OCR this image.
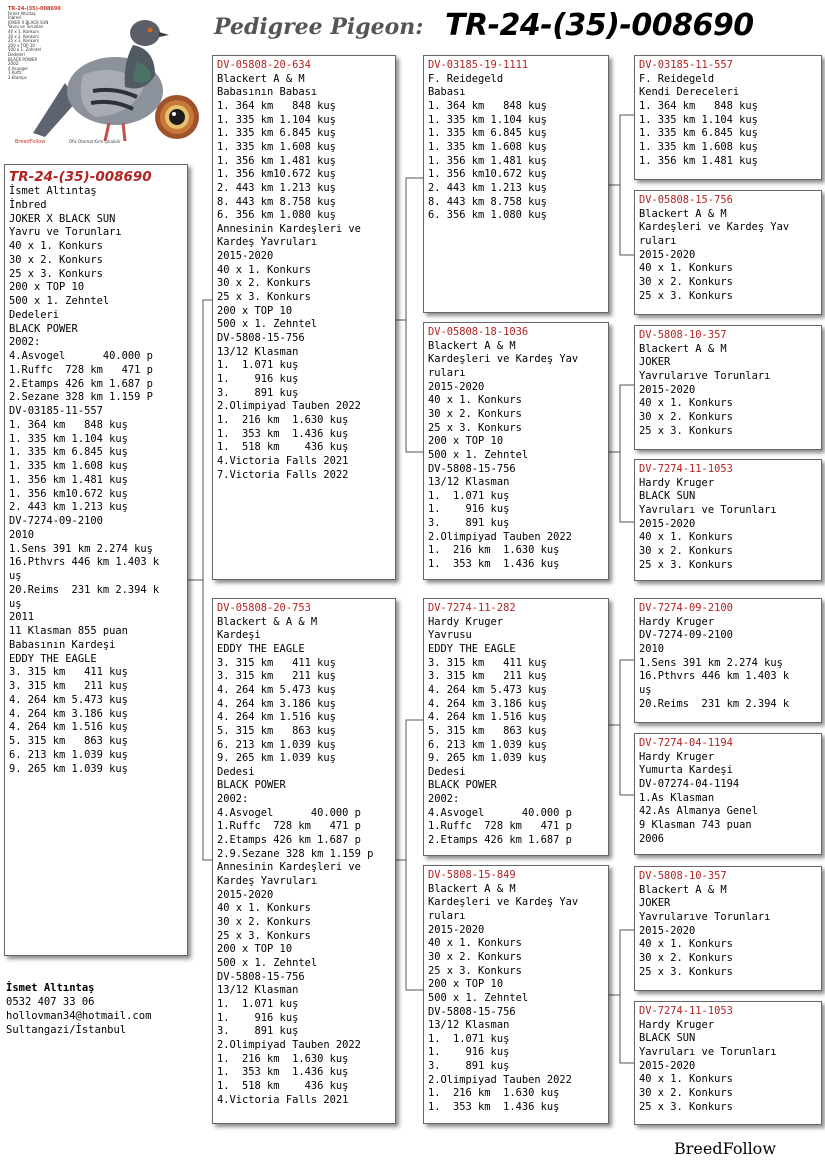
TR-24-(35)-008690
İsmet Altıntaş
İnbred
JOKER X BLACK SUN
Yavru ve Torunları
40 x 1. Konkurs
30 x 2. Konkurs
25 x 3. Konkurs
200 x TOP 10
500 x 1. Zehntel
Dedeleri
BLACK POWER
2002:
4.Asvogel
1.Ruffc
2.Etamps
BreedFollow	Ofis Otomat Kimi Çıkabilir
Pedigree Pigeon: TR-24-(35)-008690
TR-24-(35)-008690
İsmet Altıntaş
İnbred
JOKER X BLACK SUN
Yavru ve Torunları
40 x 1. Konkurs
30 x 2. Konkurs
25 x 3. Konkurs
200 x TOP 10
500 x 1. Zehntel
Dedeleri
BLACK POWER
2002:
4.Asvogel      40.000 p
1.Ruffc  728 km   471 p
2.Etamps 426 km 1.687 p
2.Sezane 328 km 1.159 P
DV-03185-11-557
1. 364 km   848 kuş
1. 335 km 1.104 kuş
1. 335 km 6.845 kuş
1. 335 km 1.608 kuş
1. 356 km 1.481 kuş
1. 356 km10.672 kuş
2. 443 km 1.213 kuş
DV-7274-09-2100
2010
1.Sens 391 km 2.274 kuş
16.Pthvrs 446 km 1.403 k
uş
20.Reims  231 km 2.394 k
uş
2011
11 Klasman 855 puan
Babasının Kardeşi
EDDY THE EAGLE
3. 315 km   411 kuş
3. 315 km   211 kuş
4. 264 km 5.473 kuş
4. 264 km 3.186 kuş
4. 264 km 1.516 kuş
5. 315 km   863 kuş
6. 213 km 1.039 kuş
9. 265 km 1.039 kuş
DV-05808-20-634
Blackert A & M
Babasının Babası
1. 364 km   848 kuş
1. 335 km 1.104 kuş
1. 335 km 6.845 kuş
1. 335 km 1.608 kuş
1. 356 km 1.481 kuş
1. 356 km10.672 kuş
2. 443 km 1.213 kuş
8. 443 km 8.758 kuş
6. 356 km 1.080 kuş
Annesinin Kardeşleri ve
Kardeş Yavruları
2015-2020
40 x 1. Konkurs
30 x 2. Konkurs
25 x 3. Konkurs
200 x TOP 10
500 x 1. Zehntel
DV-5808-15-756
13/12 Klasman
1.  1.071 kuş
1.    916 kuş
3.    891 kuş
2.Olimpiyad Tauben 2022
1.  216 km  1.630 kuş
1.  353 km  1.436 kuş
1.  518 km    436 kuş
4.Victoria Falls 2021
7.Victoria Falls 2022
DV-05808-20-753
Blackert & A & M
Kardeşi
EDDY THE EAGLE
3. 315 km   411 kuş
3. 315 km   211 kuş
4. 264 km 5.473 kuş
4. 264 km 3.186 kuş
4. 264 km 1.516 kuş
5. 315 km   863 kuş
6. 213 km 1.039 kuş
9. 265 km 1.039 kuş
Dedesi
BLACK POWER
2002:
4.Asvogel      40.000 p
1.Ruffc  728 km   471 p
2.Etamps 426 km 1.687 p
2.9.Sezane 328 km 1.159 p
Annesinin Kardeşleri ve
Kardeş Yavruları
2015-2020
40 x 1. Konkurs
30 x 2. Konkurs
25 x 3. Konkurs
200 x TOP 10
500 x 1. Zehntel
DV-5808-15-756
13/12 Klasman
1.  1.071 kuş
1.    916 kuş
3.    891 kuş
2.Olimpiyad Tauben 2022
1.  216 km  1.630 kuş
1.  353 km  1.436 kuş
1.  518 km    436 kuş
4.Victoria Falls 2021
DV-03185-19-1111
F. Reidegeld
Babası
1. 364 km   848 kuş
1. 335 km 1.104 kuş
1. 335 km 6.845 kuş
1. 335 km 1.608 kuş
1. 356 km 1.481 kuş
1. 356 km10.672 kuş
2. 443 km 1.213 kuş
8. 443 km 8.758 kuş
6. 356 km 1.080 kuş
DV-05808-18-1036
Blackert A & M
Kardeşleri ve Kardeş Yav
ruları
2015-2020
40 x 1. Konkurs
30 x 2. Konkurs
25 x 3. Konkurs
200 x TOP 10
500 x 1. Zehntel
DV-5808-15-756
13/12 Klasman
1.  1.071 kuş
1.    916 kuş
3.    891 kuş
2.Olimpiyad Tauben 2022
1.  216 km  1.630 kuş
1.  353 km  1.436 kuş
DV-7274-11-282
Hardy Kruger
Yavrusu
EDDY THE EAGLE
3. 315 km   411 kuş
3. 315 km   211 kuş
4. 264 km 5.473 kuş
4. 264 km 3.186 kuş
4. 264 km 1.516 kuş
5. 315 km   863 kuş
6. 213 km 1.039 kuş
9. 265 km 1.039 kuş
Dedesi
BLACK POWER
2002:
4.Asvogel      40.000 p
1.Ruffc  728 km   471 p
2.Etamps 426 km 1.687 p
DV-5808-15-849
Blackert A & M
Kardeşleri ve Kardeş Yav
ruları
2015-2020
40 x 1. Konkurs
30 x 2. Konkurs
25 x 3. Konkurs
200 x TOP 10
500 x 1. Zehntel
DV-5808-15-756
13/12 Klasman
1.  1.071 kuş
1.    916 kuş
3.    891 kuş
2.Olimpiyad Tauben 2022
1.  216 km  1.630 kuş
1.  353 km  1.436 kuş
DV-03185-11-557
F. Reidegeld
Kendi Dereceleri
1. 364 km   848 kuş
1. 335 km 1.104 kuş
1. 335 km 6.845 kuş
1. 335 km 1.608 kuş
1. 356 km 1.481 kuş
DV-05808-15-756
Blackert A & M
Kardeşleri ve Kardeş Yav
ruları
2015-2020
40 x 1. Konkurs
30 x 2. Konkurs
25 x 3. Konkurs
DV-5808-10-357
Blackert A & M
JOKER
Yavrularıve Torunları
2015-2020
40 x 1. Konkurs
30 x 2. Konkurs
25 x 3. Konkurs
DV-7274-11-1053
Hardy Kruger
BLACK SUN
Yavruları ve Torunları
2015-2020
40 x 1. Konkurs
30 x 2. Konkurs
25 x 3. Konkurs
DV-7274-09-2100
Hardy Kruger
DV-7274-09-2100
2010
1.Sens 391 km 2.274 kuş
16.Pthvrs 446 km 1.403 k
uş
20.Reims  231 km 2.394 k
DV-7274-04-1194
Hardy Kruger
Yumurta Kardeşi
DV-07274-04-1194
1.As Klasman
42.As Almanya Genel
9 Klasman 743 puan
2006
DV-5808-10-357
Blackert A & M
JOKER
Yavrularıve Torunları
2015-2020
40 x 1. Konkurs
30 x 2. Konkurs
25 x 3. Konkurs
DV-7274-11-1053
Hardy Kruger
BLACK SUN
Yavruları ve Torunları
2015-2020
40 x 1. Konkurs
30 x 2. Konkurs
25 x 3. Konkurs
İsmet Altıntaş
0532 407 33 06
hollovman34@hotmail.com
Sultangazi/İstanbul
BreedFollow
